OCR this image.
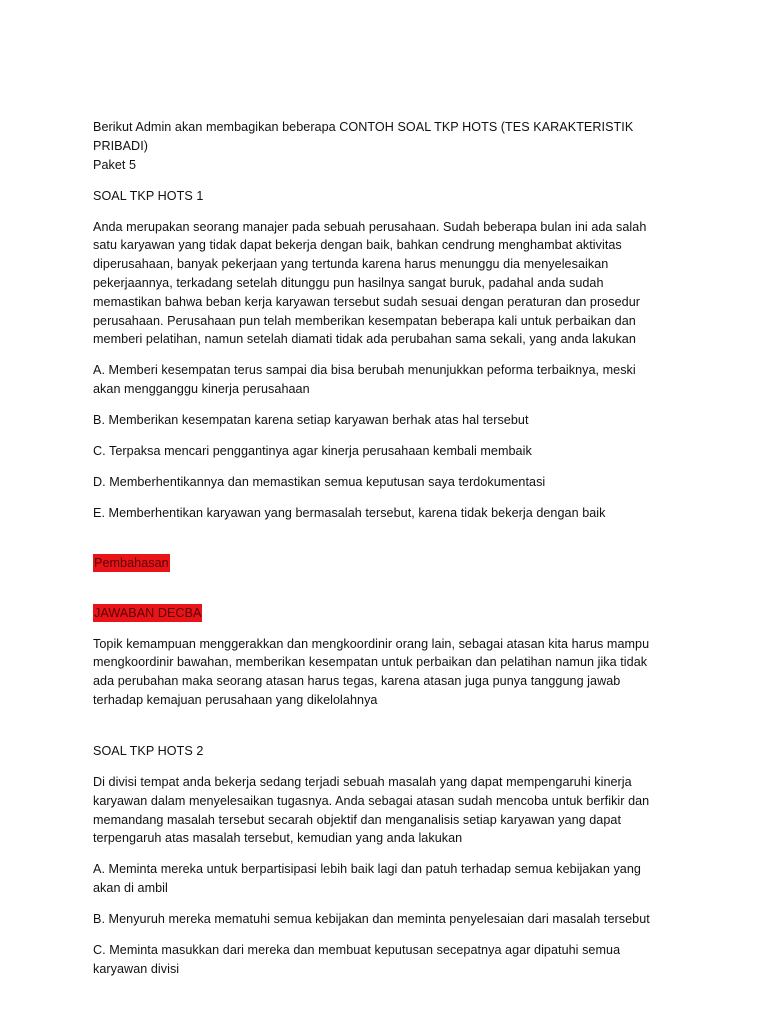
Berikut Admin akan membagikan beberapa CONTOH SOAL TKP HOTS (TES KARAKTERISTIK PRIBADI)
Paket 5

SOAL TKP HOTS 1

Anda merupakan seorang manajer pada sebuah perusahaan. Sudah beberapa bulan ini ada salah
satu karyawan yang tidak dapat bekerja dengan baik, bahkan cendrung menghambat aktivitas
diperusahaan, banyak pekerjaan yang tertunda karena harus menunggu dia menyelesaikan
pekerjaannya, terkadang setelah ditunggu pun hasilnya sangat buruk, padahal anda sudah
memastikan bahwa beban kerja karyawan tersebut sudah sesuai dengan peraturan dan prosedur
perusahaan. Perusahaan pun telah memberikan kesempatan beberapa kali untuk perbaikan dan
memberi pelatihan, namun setelah diamati tidak ada perubahan sama sekali, yang anda lakukan

A. Memberi kesempatan terus sampai dia bisa berubah menunjukkan peforma terbaiknya, meski
akan mengganggu kinerja perusahaan

B. Memberikan kesempatan karena setiap karyawan berhak atas hal tersebut

C. Terpaksa mencari penggantinya agar kinerja perusahaan kembali membaik

D. Memberhentikannya dan memastikan semua keputusan saya terdokumentasi

E. Memberhentikan karyawan yang bermasalah tersebut, karena tidak bekerja dengan baik

Pembahasan

JAWABAN DECBA

Topik kemampuan menggerakkan dan mengkoordinir orang lain, sebagai atasan kita harus mampu
mengkoordinir bawahan, memberikan kesempatan untuk perbaikan dan pelatihan namun jika tidak
ada perubahan maka seorang atasan harus tegas, karena atasan juga punya tanggung jawab
terhadap kemajuan perusahaan yang dikelolahnya

SOAL TKP HOTS 2

Di divisi tempat anda bekerja sedang terjadi sebuah masalah yang dapat mempengaruhi kinerja
karyawan dalam menyelesaikan tugasnya. Anda sebagai atasan sudah mencoba untuk berfikir dan
memandang masalah tersebut secarah objektif dan menganalisis setiap karyawan yang dapat
terpengaruh atas masalah tersebut, kemudian yang anda lakukan

A. Meminta mereka untuk berpartisipasi lebih baik lagi dan patuh terhadap semua kebijakan yang
akan di ambil

B. Menyuruh mereka mematuhi semua kebijakan dan meminta penyelesaian dari masalah tersebut

C. Meminta masukkan dari mereka dan membuat keputusan secepatnya agar dipatuhi semua
karyawan divisi
